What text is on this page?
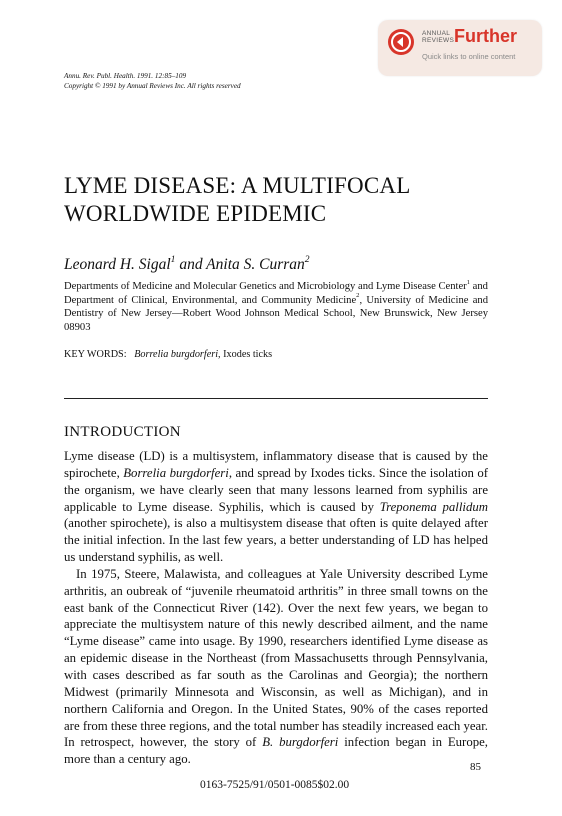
ANNUAL
REVIEWS Further
Quick links to online content
Annu. Rev. Publ. Health. 1991. 12:85–109
Copyright © 1991 by Annual Reviews Inc. All rights reserved
LYME DISEASE: A MULTIFOCAL
WORLDWIDE EPIDEMIC
Leonard H. Sigal$^1$ and Anita S. Curran$^2$
Departments of Medicine and Molecular Genetics and Microbiology and Lyme Disease Center$^1$ and Department of Clinical, Environmental, and Community Medicine$^2$, University of Medicine and Dentistry of New Jersey—Robert Wood Johnson Medical School, New Brunswick, New Jersey 08903
KEY WORDS: Borrelia burgdorferi, Ixodes ticks
INTRODUCTION

Lyme disease (LD) is a multisystem, inflammatory disease that is caused by the spirochete, Borrelia burgdorferi, and spread by Ixodes ticks. Since the isolation of the organism, we have clearly seen that many lessons learned from syphilis are applicable to Lyme disease. Syphilis, which is caused by Treponema pallidum (another spirochete), is also a multisystem disease that often is quite delayed after the initial infection. In the last few years, a better understanding of LD has helped us understand syphilis, as well.

In 1975, Steere, Malawista, and colleagues at Yale University described Lyme arthritis, an oubreak of “juvenile rheumatoid arthritis” in three small towns on the east bank of the Connecticut River (142). Over the next few years, we began to appreciate the multisystem nature of this newly described ailment, and the name “Lyme disease” came into usage. By 1990, researchers identified Lyme disease as an epidemic disease in the Northeast (from Massachusetts through Pennsylvania, with cases described as far south as the Carolinas and Georgia); the northern Midwest (primarily Minnesota and Wisconsin, as well as Michigan), and in northern California and Oregon. In the United States, 90% of the cases reported are from these three regions, and the total number has steadily increased each year. In retrospect, however, the story of B. burgdorferi infection began in Europe, more than a century ago.

85
0163-7525/91/0501-0085$02.00
